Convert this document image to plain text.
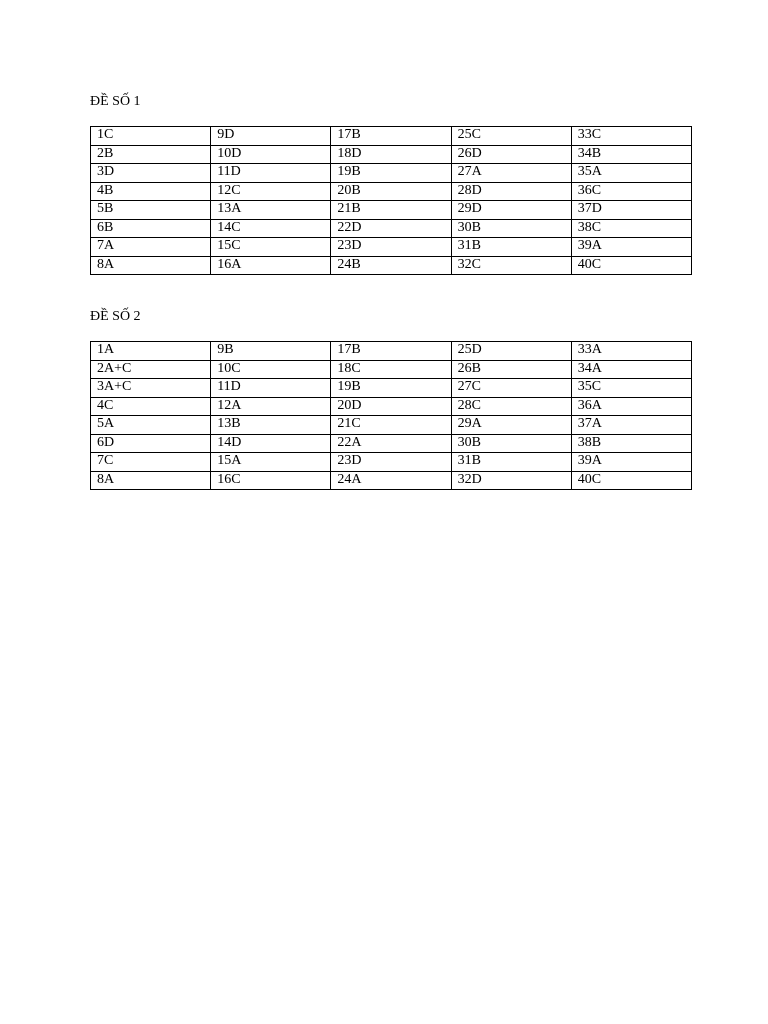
ĐỀ SỐ 1
1C	9D	17B	25C	33C
2B	10D	18D	26D	34B
3D	11D	19B	27A	35A
4B	12C	20B	28D	36C
5B	13A	21B	29D	37D
6B	14C	22D	30B	38C
7A	15C	23D	31B	39A
8A	16A	24B	32C	40C
ĐỀ SỐ 2
1A	9B	17B	25D	33A
2A+C	10C	18C	26B	34A
3A+C	11D	19B	27C	35C
4C	12A	20D	28C	36A
5A	13B	21C	29A	37A
6D	14D	22A	30B	38B
7C	15A	23D	31B	39A
8A	16C	24A	32D	40C
